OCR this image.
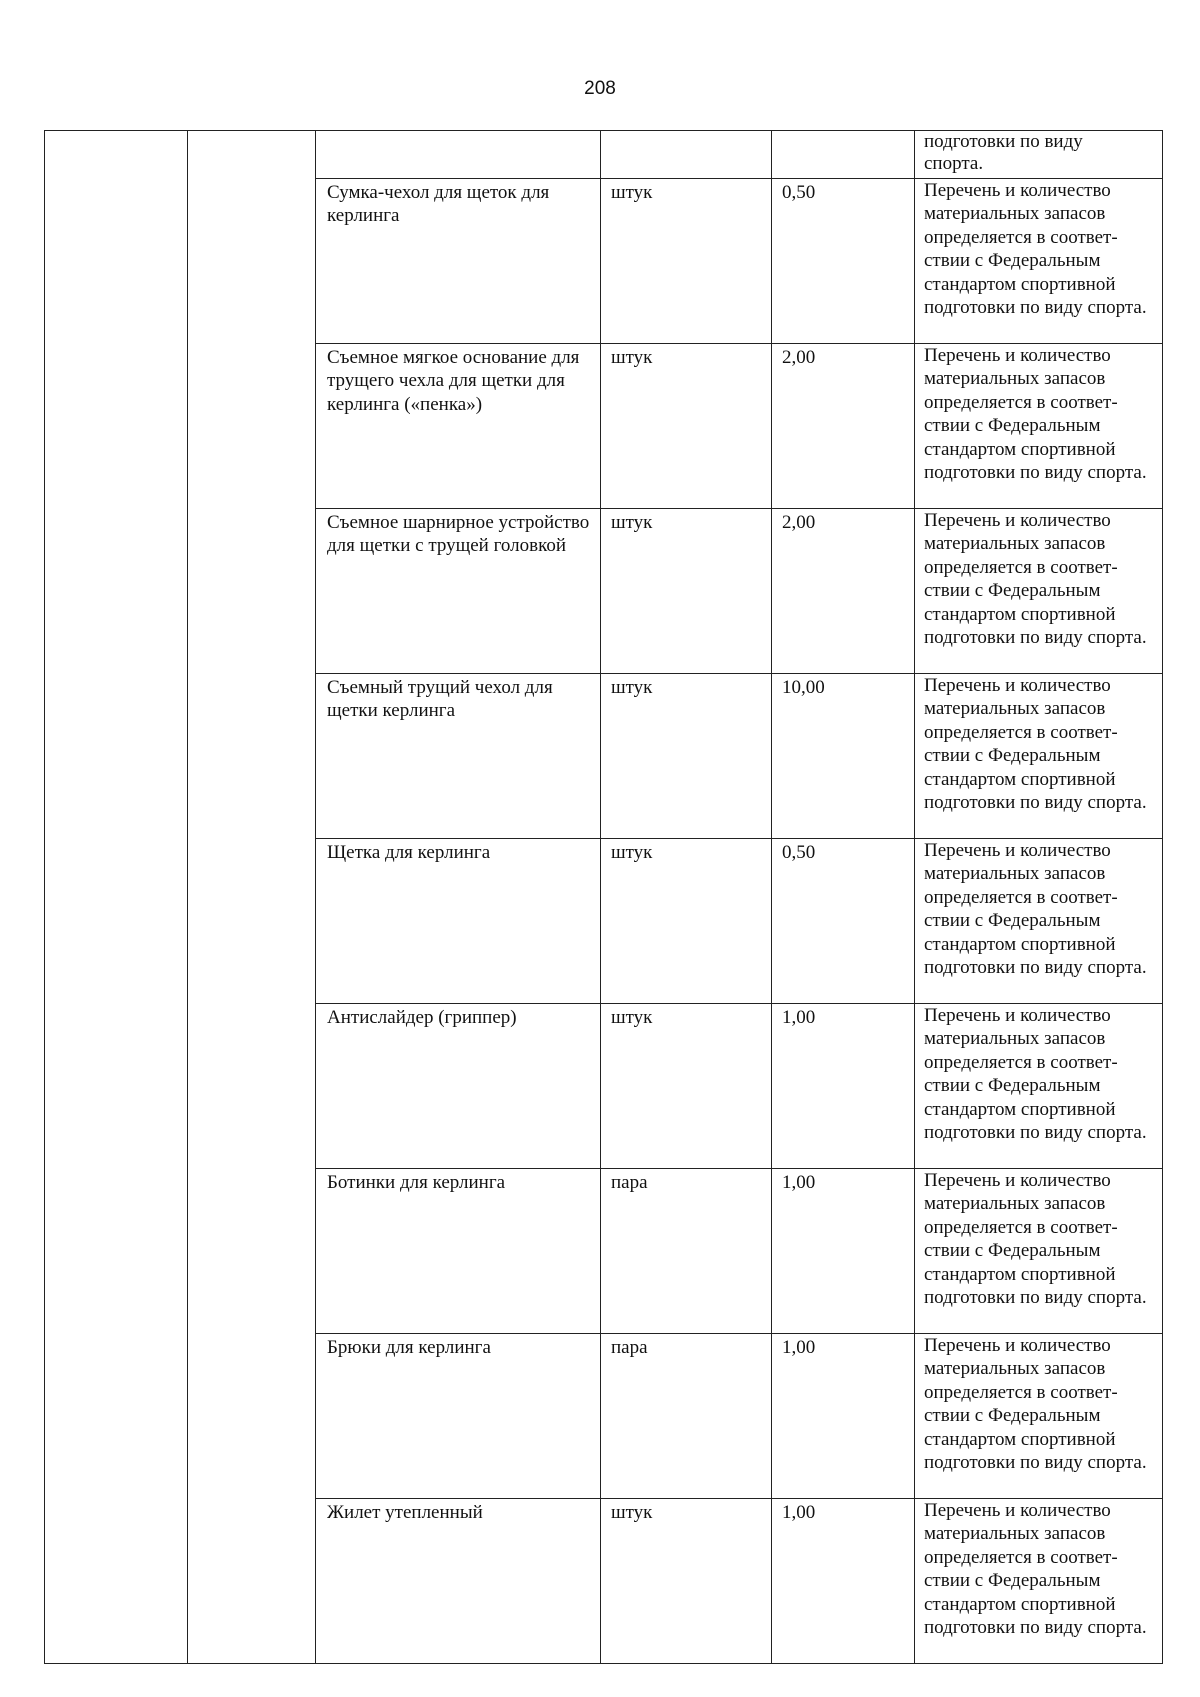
208
					подготовки по виду
спорта.
		Сумка-чехол для щеток для керлинга	штук	0,50	Перечень и количество материальных запасов определяется в соответ-ствии с Федеральным стандартом спортивной подготовки по виду спорта.
		Съемное мягкое основание для трущего чехла для щетки для керлинга («пенка»)	штук	2,00	Перечень и количество материальных запасов определяется в соответ-ствии с Федеральным стандартом спортивной подготовки по виду спорта.
		Съемное шарнирное устройство для щетки с трущей головкой	штук	2,00	Перечень и количество материальных запасов определяется в соответ-ствии с Федеральным стандартом спортивной подготовки по виду спорта.
		Съемный трущий чехол для щетки керлинга	штук	10,00	Перечень и количество материальных запасов определяется в соответ-ствии с Федеральным стандартом спортивной подготовки по виду спорта.
		Щетка для керлинга	штук	0,50	Перечень и количество материальных запасов определяется в соответ-ствии с Федеральным стандартом спортивной подготовки по виду спорта.
		Антислайдер (гриппер)	штук	1,00	Перечень и количество материальных запасов определяется в соответ-ствии с Федеральным стандартом спортивной подготовки по виду спорта.
		Ботинки для керлинга	пара	1,00	Перечень и количество материальных запасов определяется в соответ-ствии с Федеральным стандартом спортивной подготовки по виду спорта.
		Брюки для керлинга	пара	1,00	Перечень и количество материальных запасов определяется в соответ-ствии с Федеральным стандартом спортивной подготовки по виду спорта.
		Жилет утепленный	штук	1,00	Перечень и количество материальных запасов определяется в соответ-ствии с Федеральным стандартом спортивной подготовки по виду спорта.
